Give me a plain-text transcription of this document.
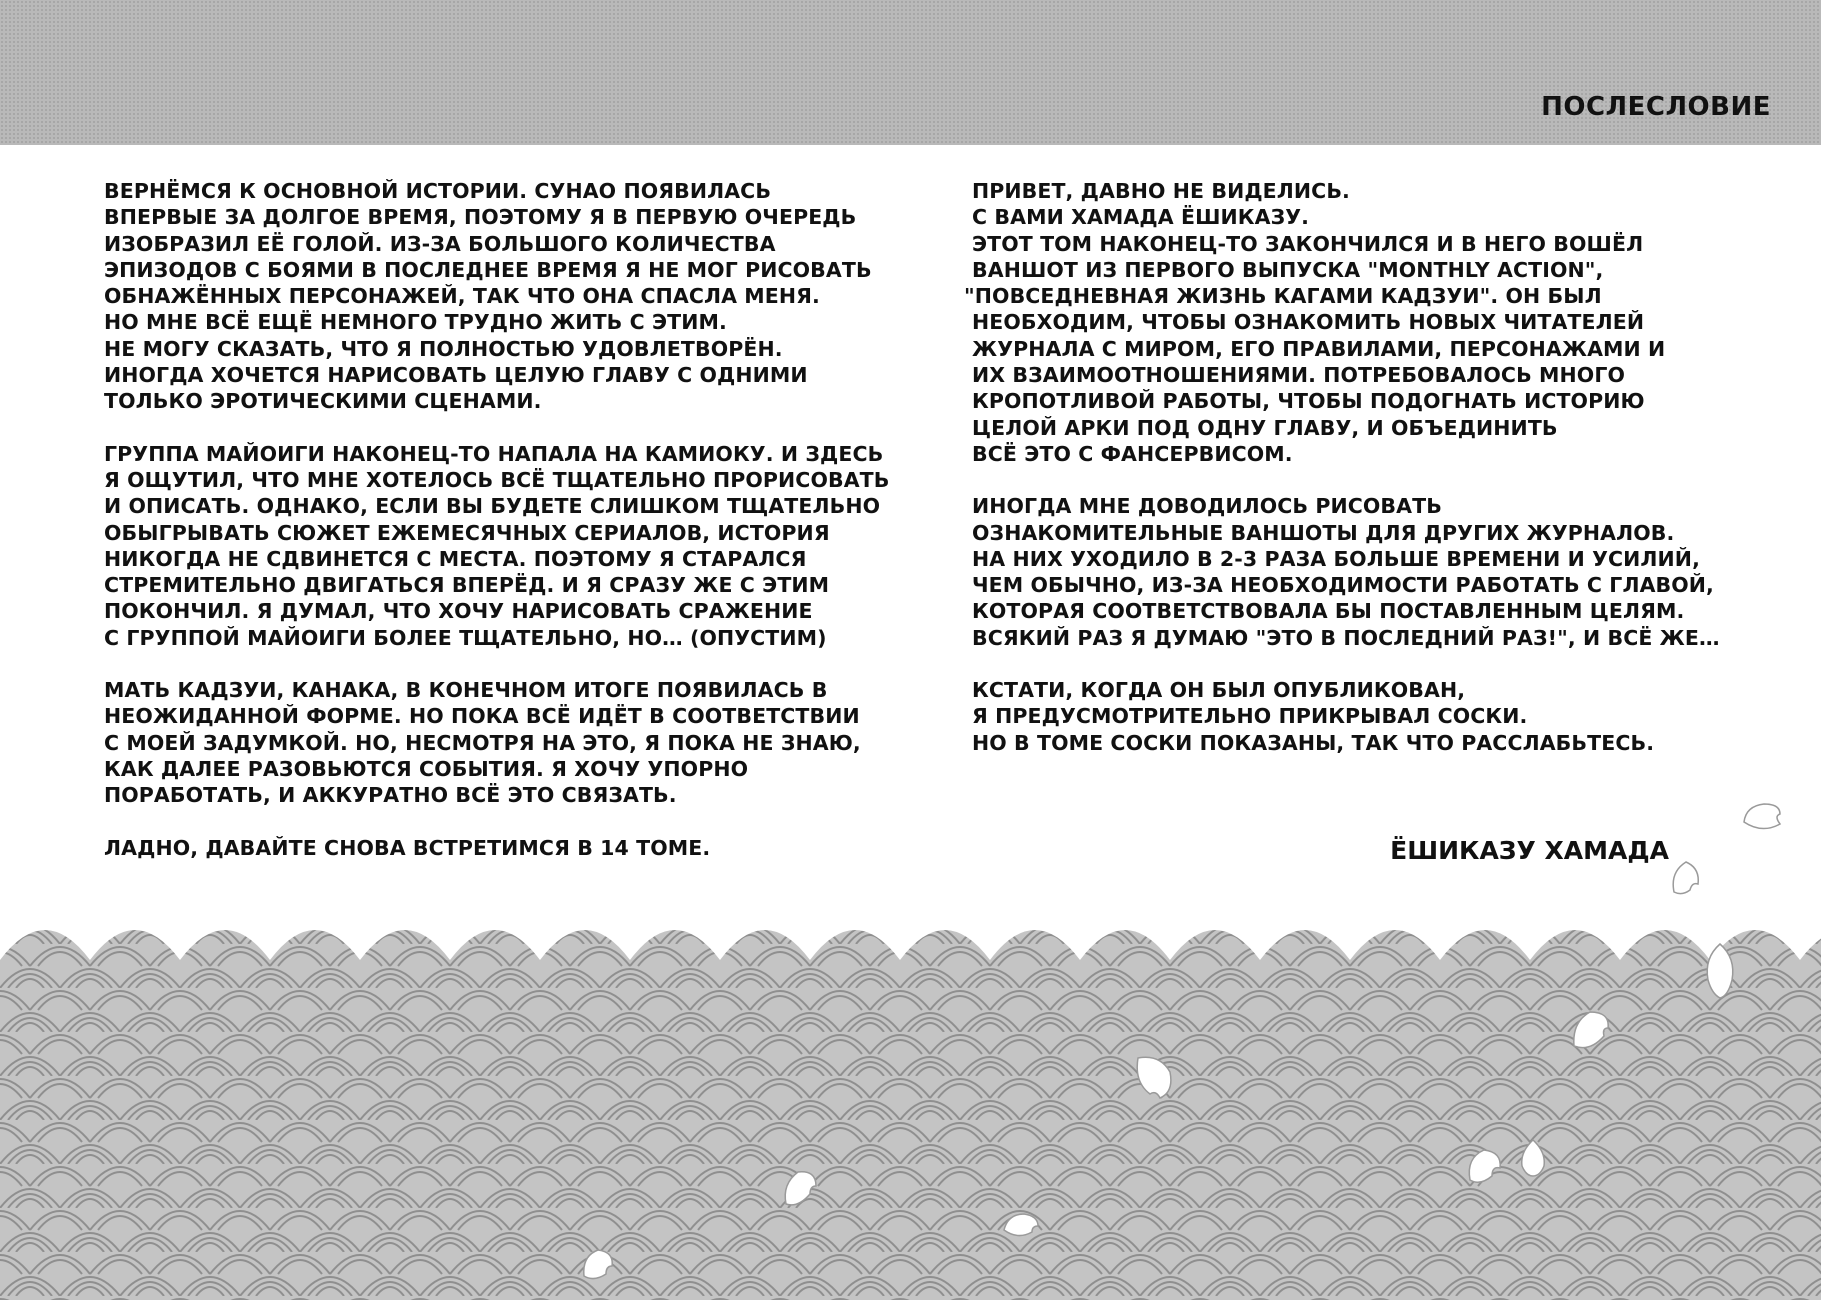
ПОСЛЕСЛОВИЕ
ВЕРНЁМСЯ К ОСНОВНОЙ ИСТОРИИ. СУНАО ПОЯВИЛАСЬ
ВПЕРВЫЕ ЗА ДОЛГОЕ ВРЕМЯ, ПОЭТОМУ Я В ПЕРВУЮ ОЧЕРЕДЬ
ИЗОБРАЗИЛ ЕЁ ГОЛОЙ. ИЗ-ЗА БОЛЬШОГО КОЛИЧЕСТВА
ЭПИЗОДОВ С БОЯМИ В ПОСЛЕДНЕЕ ВРЕМЯ Я НЕ МОГ РИСОВАТЬ
ОБНАЖЁННЫХ ПЕРСОНАЖЕЙ, ТАК ЧТО ОНА СПАСЛА МЕНЯ.
НО МНЕ ВСЁ ЕЩЁ НЕМНОГО ТРУДНО ЖИТЬ С ЭТИМ.
НЕ МОГУ СКАЗАТЬ, ЧТО Я ПОЛНОСТЬЮ УДОВЛЕТВОРЁН.
ИНОГДА ХОЧЕТСЯ НАРИСОВАТЬ ЦЕЛУЮ ГЛАВУ С ОДНИМИ
ТОЛЬКО ЭРОТИЧЕСКИМИ СЦЕНАМИ.
ГРУППА МАЙОИГИ НАКОНЕЦ-ТО НАПАЛА НА КАМИОКУ. И ЗДЕСЬ
Я ОЩУТИЛ, ЧТО МНЕ ХОТЕЛОСЬ ВСЁ ТЩАТЕЛЬНО ПРОРИСОВАТЬ
И ОПИСАТЬ. ОДНАКО, ЕСЛИ ВЫ БУДЕТЕ СЛИШКОМ ТЩАТЕЛЬНО
ОБЫГРЫВАТЬ СЮЖЕТ ЕЖЕМЕСЯЧНЫХ СЕРИАЛОВ, ИСТОРИЯ
НИКОГДА НЕ СДВИНЕТСЯ С МЕСТА. ПОЭТОМУ Я СТАРАЛСЯ
СТРЕМИТЕЛЬНО ДВИГАТЬСЯ ВПЕРЁД. И Я СРАЗУ ЖЕ С ЭТИМ
ПОКОНЧИЛ. Я ДУМАЛ, ЧТО ХОЧУ НАРИСОВАТЬ СРАЖЕНИЕ
С ГРУППОЙ МАЙОИГИ БОЛЕЕ ТЩАТЕЛЬНО, НО… (ОПУСТИМ)
МАТЬ КАДЗУИ, КАНАКА, В КОНЕЧНОМ ИТОГЕ ПОЯВИЛАСЬ В
НЕОЖИДАННОЙ ФОРМЕ. НО ПОКА ВСЁ ИДЁТ В СООТВЕТСТВИИ
С МОЕЙ ЗАДУМКОЙ. НО, НЕСМОТРЯ НА ЭТО, Я ПОКА НЕ ЗНАЮ,
КАК ДАЛЕЕ РАЗОВЬЮТСЯ СОБЫТИЯ. Я ХОЧУ УПОРНО
ПОРАБОТАТЬ, И АККУРАТНО ВСЁ ЭТО СВЯЗАТЬ.
ЛАДНО, ДАВАЙТЕ СНОВА ВСТРЕТИМСЯ В 14 ТОМЕ.
ПРИВЕТ, ДАВНО НЕ ВИДЕЛИСЬ.
С ВАМИ ХАМАДА ЁШИКАЗУ.
ЭТОТ ТОМ НАКОНЕЦ-ТО ЗАКОНЧИЛСЯ И В НЕГО ВОШЁЛ
ВАНШОТ ИЗ ПЕРВОГО ВЫПУСКА "MONTHLY ACTION",
"ПОВСЕДНЕВНАЯ ЖИЗНЬ КАГАМИ КАДЗУИ". ОН БЫЛ
НЕОБХОДИМ, ЧТОБЫ ОЗНАКОМИТЬ НОВЫХ ЧИТАТЕЛЕЙ
ЖУРНАЛА С МИРОМ, ЕГО ПРАВИЛАМИ, ПЕРСОНАЖАМИ И
ИХ ВЗАИМООТНОШЕНИЯМИ. ПОТРЕБОВАЛОСЬ МНОГО
КРОПОТЛИВОЙ РАБОТЫ, ЧТОБЫ ПОДОГНАТЬ ИСТОРИЮ
ЦЕЛОЙ АРКИ ПОД ОДНУ ГЛАВУ, И ОБЪЕДИНИТЬ
ВСЁ ЭТО С ФАНСЕРВИСОМ.
ИНОГДА МНЕ ДОВОДИЛОСЬ РИСОВАТЬ
ОЗНАКОМИТЕЛЬНЫЕ ВАНШОТЫ ДЛЯ ДРУГИХ ЖУРНАЛОВ.
НА НИХ УХОДИЛО В 2-3 РАЗА БОЛЬШЕ ВРЕМЕНИ И УСИЛИЙ,
ЧЕМ ОБЫЧНО, ИЗ-ЗА НЕОБХОДИМОСТИ РАБОТАТЬ С ГЛАВОЙ,
КОТОРАЯ СООТВЕТСТВОВАЛА БЫ ПОСТАВЛЕННЫМ ЦЕЛЯМ.
ВСЯКИЙ РАЗ Я ДУМАЮ "ЭТО В ПОСЛЕДНИЙ РАЗ!", И ВСЁ ЖЕ…
КСТАТИ, КОГДА ОН БЫЛ ОПУБЛИКОВАН,
Я ПРЕДУСМОТРИТЕЛЬНО ПРИКРЫВАЛ СОСКИ.
НО В ТОМЕ СОСКИ ПОКАЗАНЫ, ТАК ЧТО РАССЛАБЬТЕСЬ.
ЁШИКАЗУ ХАМАДА
